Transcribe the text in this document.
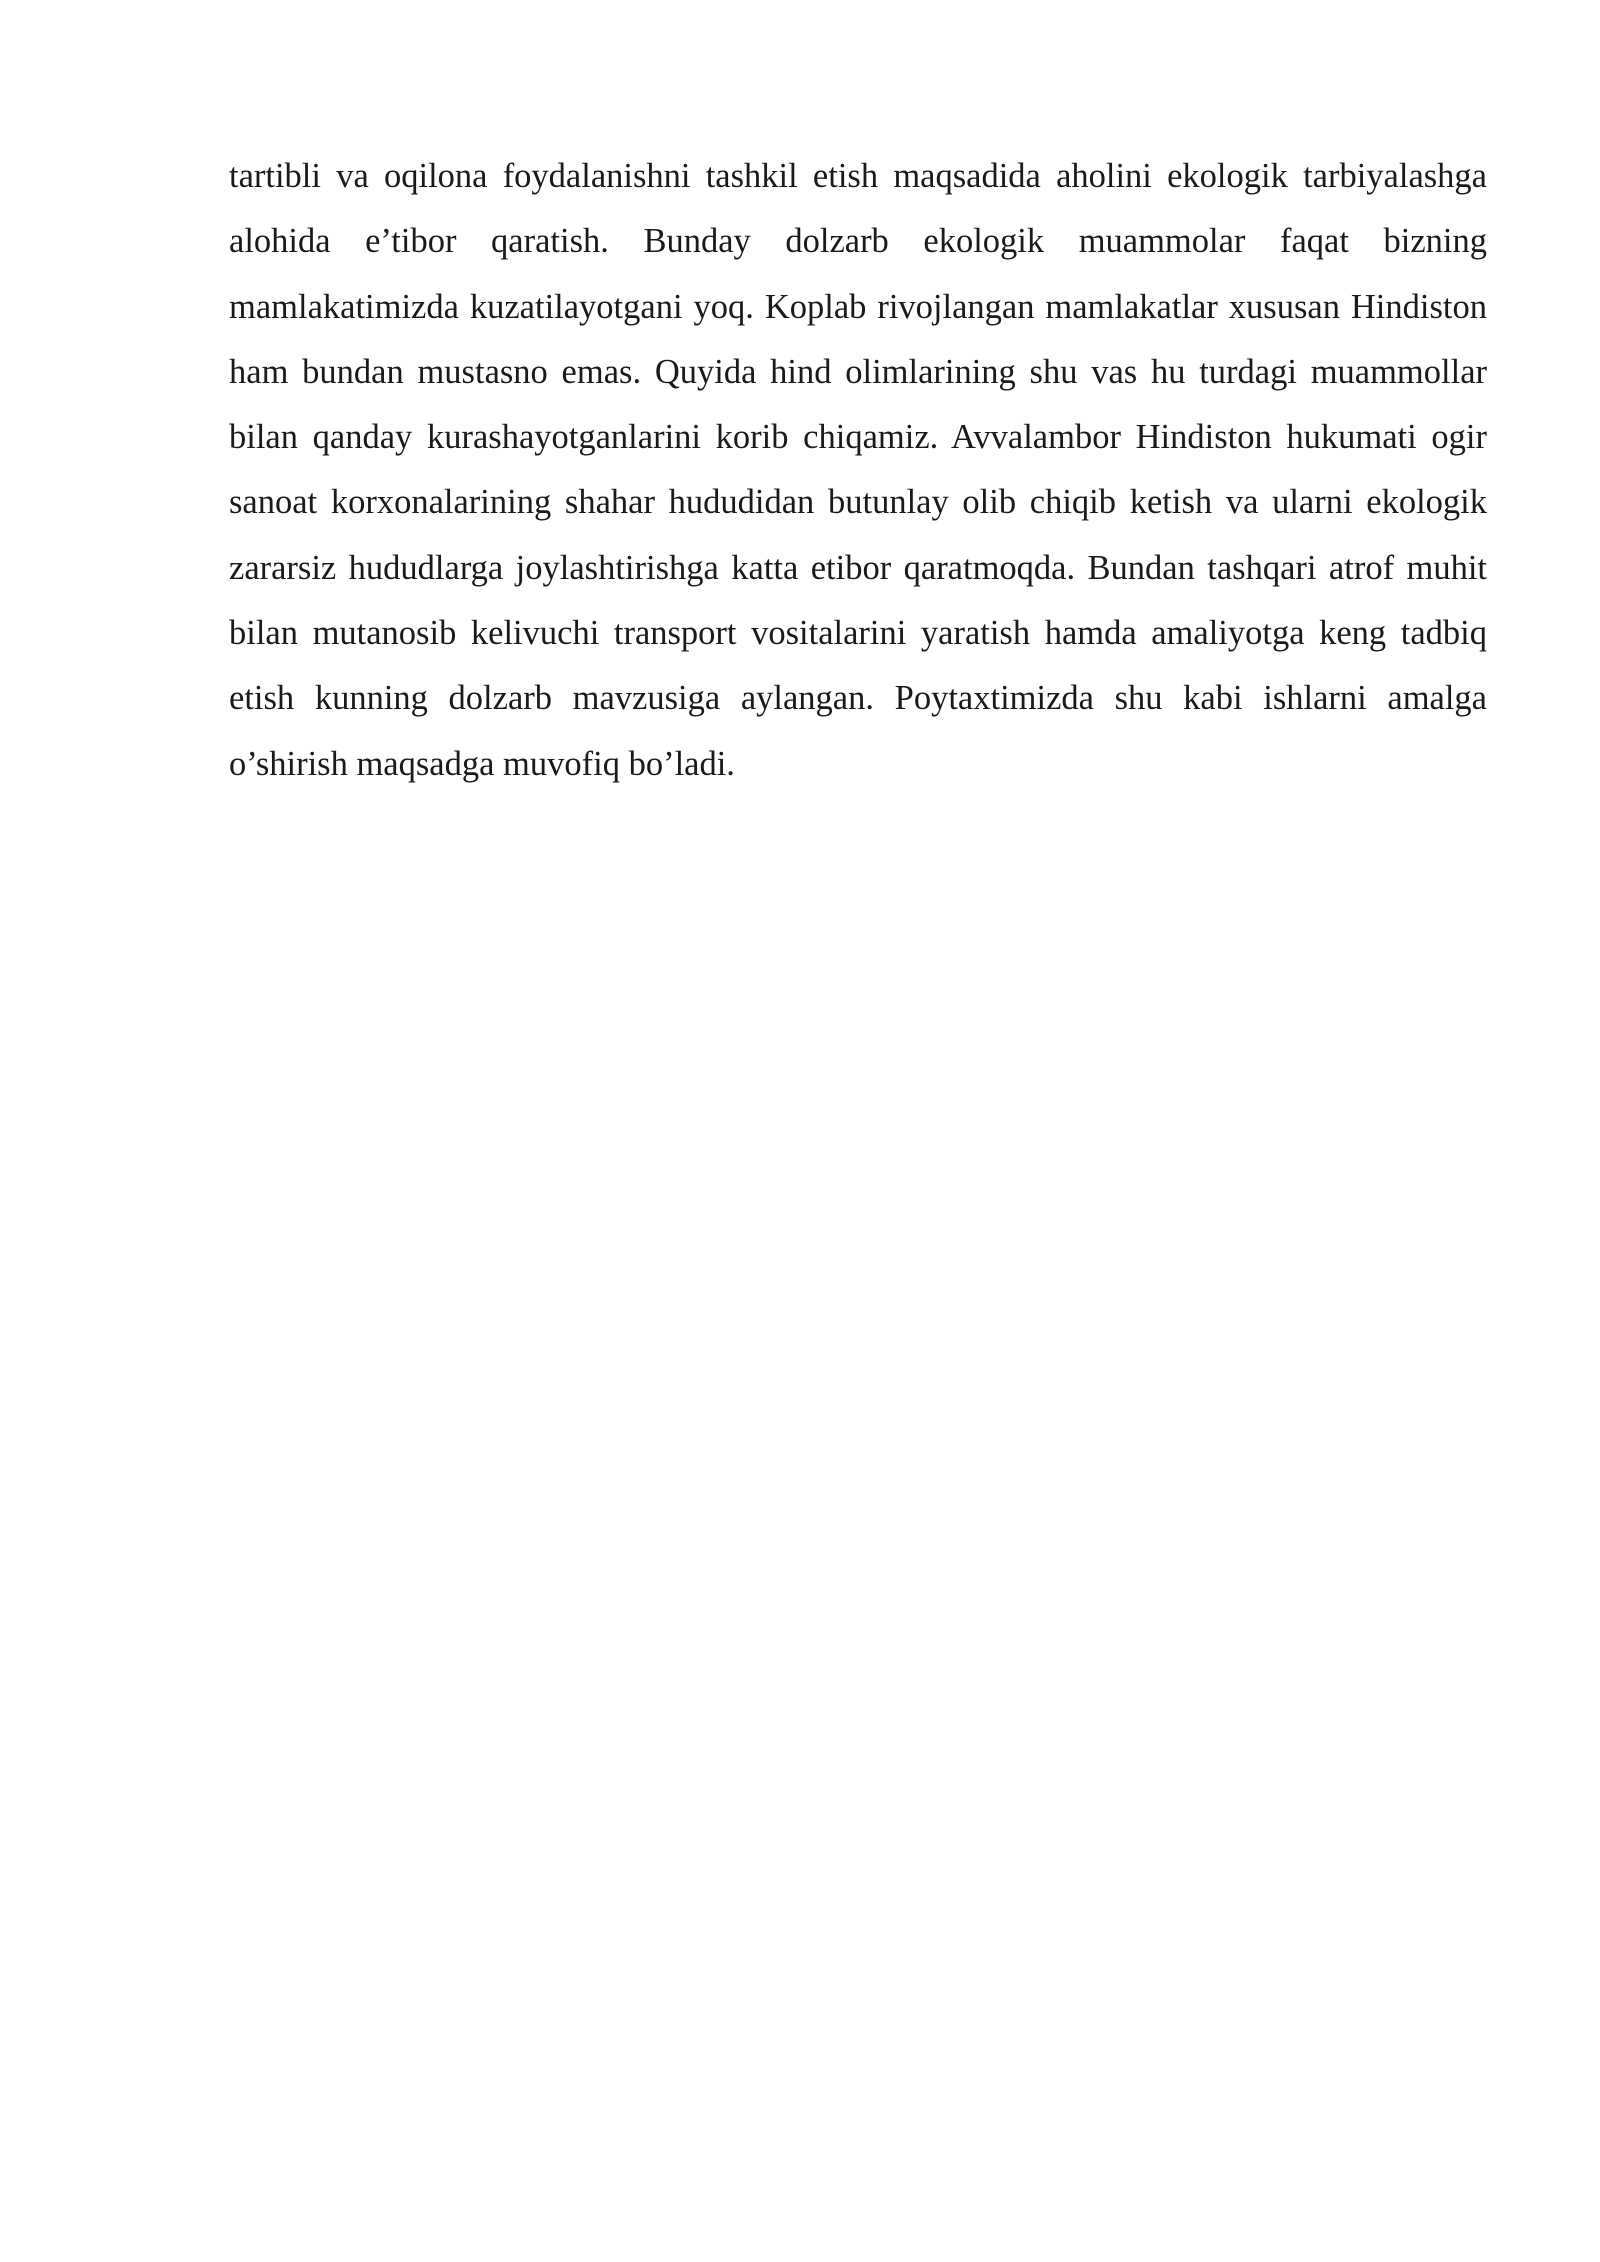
tartibli va oqilona foydalanishni tashkil etish maqsadida aholini ekologik tarbiyalashga alohida e’tibor qaratish. Bunday dolzarb ekologik muammolar faqat bizning mamlakatimizda kuzatilayotgani yoq. Koplab rivojlangan mamlakatlar xususan Hindiston ham bundan mustasno emas. Quyida hind olimlarining shu vas hu turdagi muammollar bilan qanday kurashayotganlarini korib chiqamiz. Avvalambor Hindiston hukumati ogir sanoat korxonalarining shahar hududidan butunlay olib chiqib ketish va ularni ekologik zararsiz hududlarga joylashtirishga katta etibor qaratmoqda. Bundan tashqari atrof muhit bilan mutanosib kelivuchi transport vositalarini yaratish hamda amaliyotga keng tadbiq etish kunning dolzarb mavzusiga aylangan. Poytaxtimizda shu kabi ishlarni amalga o’shirish maqsadga muvofiq bo’ladi.
